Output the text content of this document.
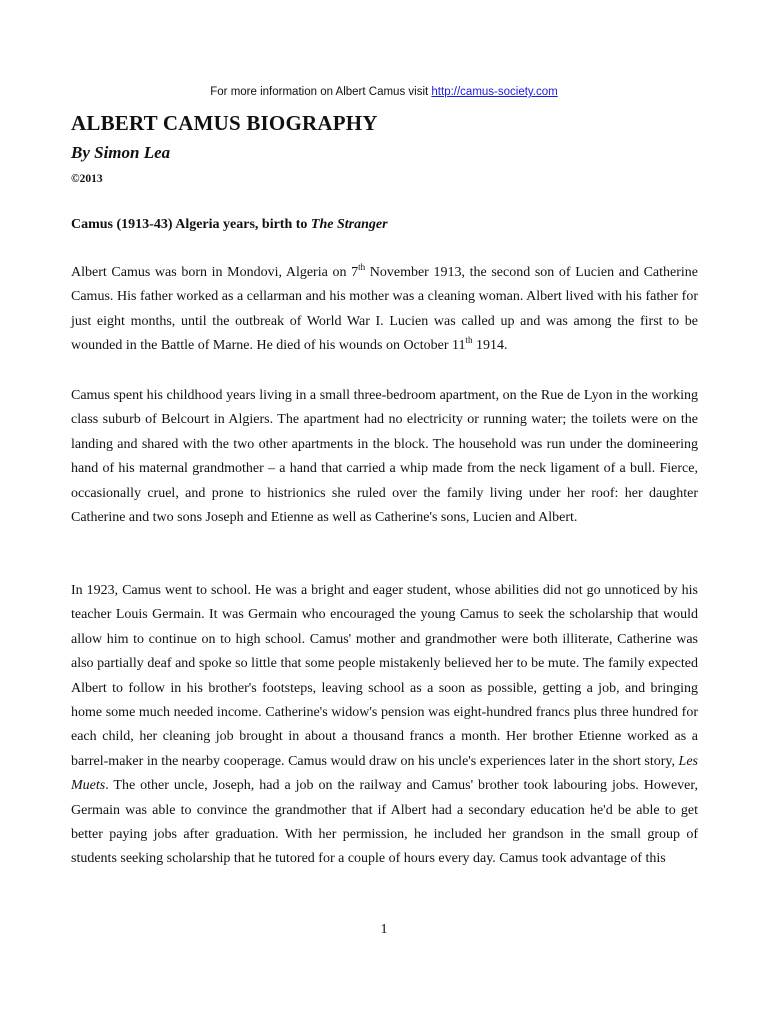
For more information on Albert Camus visit http://camus-society.com
ALBERT CAMUS BIOGRAPHY
By Simon Lea
©2013
Camus (1913-43) Algeria years, birth to The Stranger

Albert Camus was born in Mondovi, Algeria on 7th November 1913, the second son of Lucien and Catherine Camus. His father worked as a cellarman and his mother was a cleaning woman. Albert lived with his father for just eight months, until the outbreak of World War I. Lucien was called up and was among the first to be wounded in the Battle of Marne. He died of his wounds on October 11th 1914.

Camus spent his childhood years living in a small three-bedroom apartment, on the Rue de Lyon in the working class suburb of Belcourt in Algiers. The apartment had no electricity or running water; the toilets were on the landing and shared with the two other apartments in the block. The household was run under the domineering hand of his maternal grandmother – a hand that carried a whip made from the neck ligament of a bull. Fierce, occasionally cruel, and prone to histrionics she ruled over the family living under her roof: her daughter Catherine and two sons Joseph and Etienne as well as Catherine's sons, Lucien and Albert.

In 1923, Camus went to school. He was a bright and eager student, whose abilities did not go unnoticed by his teacher Louis Germain. It was Germain who encouraged the young Camus to seek the scholarship that would allow him to continue on to high school. Camus' mother and grandmother were both illiterate, Catherine was also partially deaf and spoke so little that some people mistakenly believed her to be mute. The family expected Albert to follow in his brother's footsteps, leaving school as a soon as possible, getting a job, and bringing home some much needed income. Catherine's widow's pension was eight-hundred francs plus three hundred for each child, her cleaning job brought in about a thousand francs a month. Her brother Etienne worked as a barrel-maker in the nearby cooperage. Camus would draw on his uncle's experiences later in the short story, Les Muets. The other uncle, Joseph, had a job on the railway and Camus' brother took labouring jobs. However, Germain was able to convince the grandmother that if Albert had a secondary education he'd be able to get better paying jobs after graduation. With her permission, he included her grandson in the small group of students seeking scholarship that he tutored for a couple of hours every day. Camus took advantage of this

1
